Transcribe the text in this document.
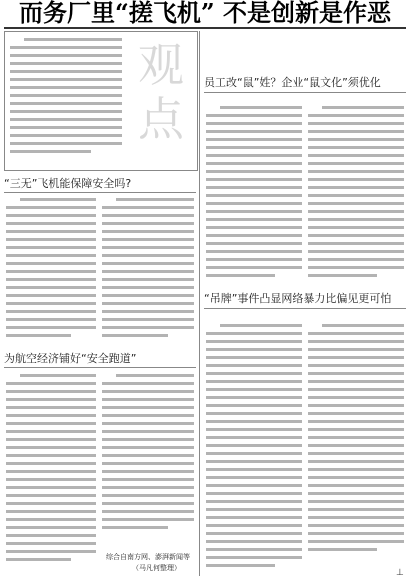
而务厂里“搓飞机” 不是创新是作恶
观点
“三无”飞机能保障安全吗?
为航空经济铺好“安全跑道”
综合自南方网、澎湃新闻等
（马凡何整理）
员工改“鼠”姓？企业“鼠文化”须优化
“吊牌”事件凸显网络暴力比偏见更可怕
⊥
